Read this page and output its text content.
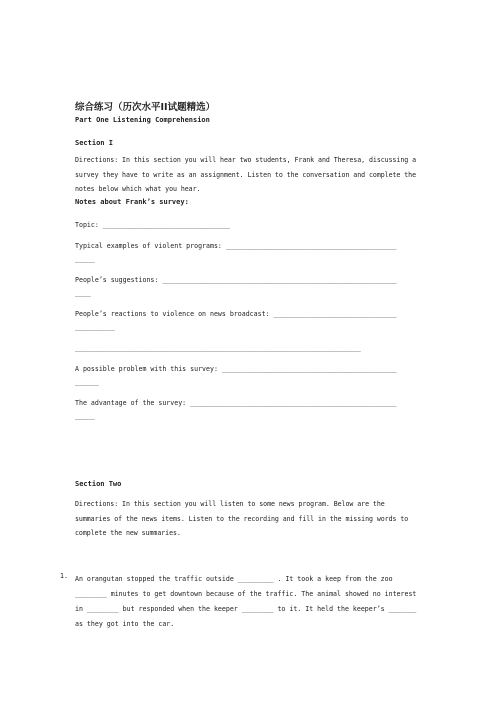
综合练习（历次水平II试题精选）
Part One Listening Comprehension
Section I
Directions: In this section you will hear two students, Frank and Theresa, discussing a survey they have to write as an assignment. Listen to the conversation and complete the notes below which what you hear.
Notes about Frank’s survey:
Topic: ________________________________
Typical examples of violent programs: ___________________________________________
_____
People’s suggestions: ___________________________________________________________
____
People’s reactions to violence on news broadcast: _______________________________
__________
________________________________________________________________________
A possible problem with this survey: ____________________________________________
______
The advantage of the survey: ____________________________________________________
_____
Section Two
Directions: In this section you will listen to some news program. Below are the summaries of the news items. Listen to the recording and fill in the missing words to complete the new summaries.
1. An orangutan stopped the traffic outside _________ . It took a keep from the zoo ________ minutes to get downtown because of the traffic. The animal showed no interest in ________ but responded when the keeper ________ to it. It held the keeper’s _______ as they got into the car.
